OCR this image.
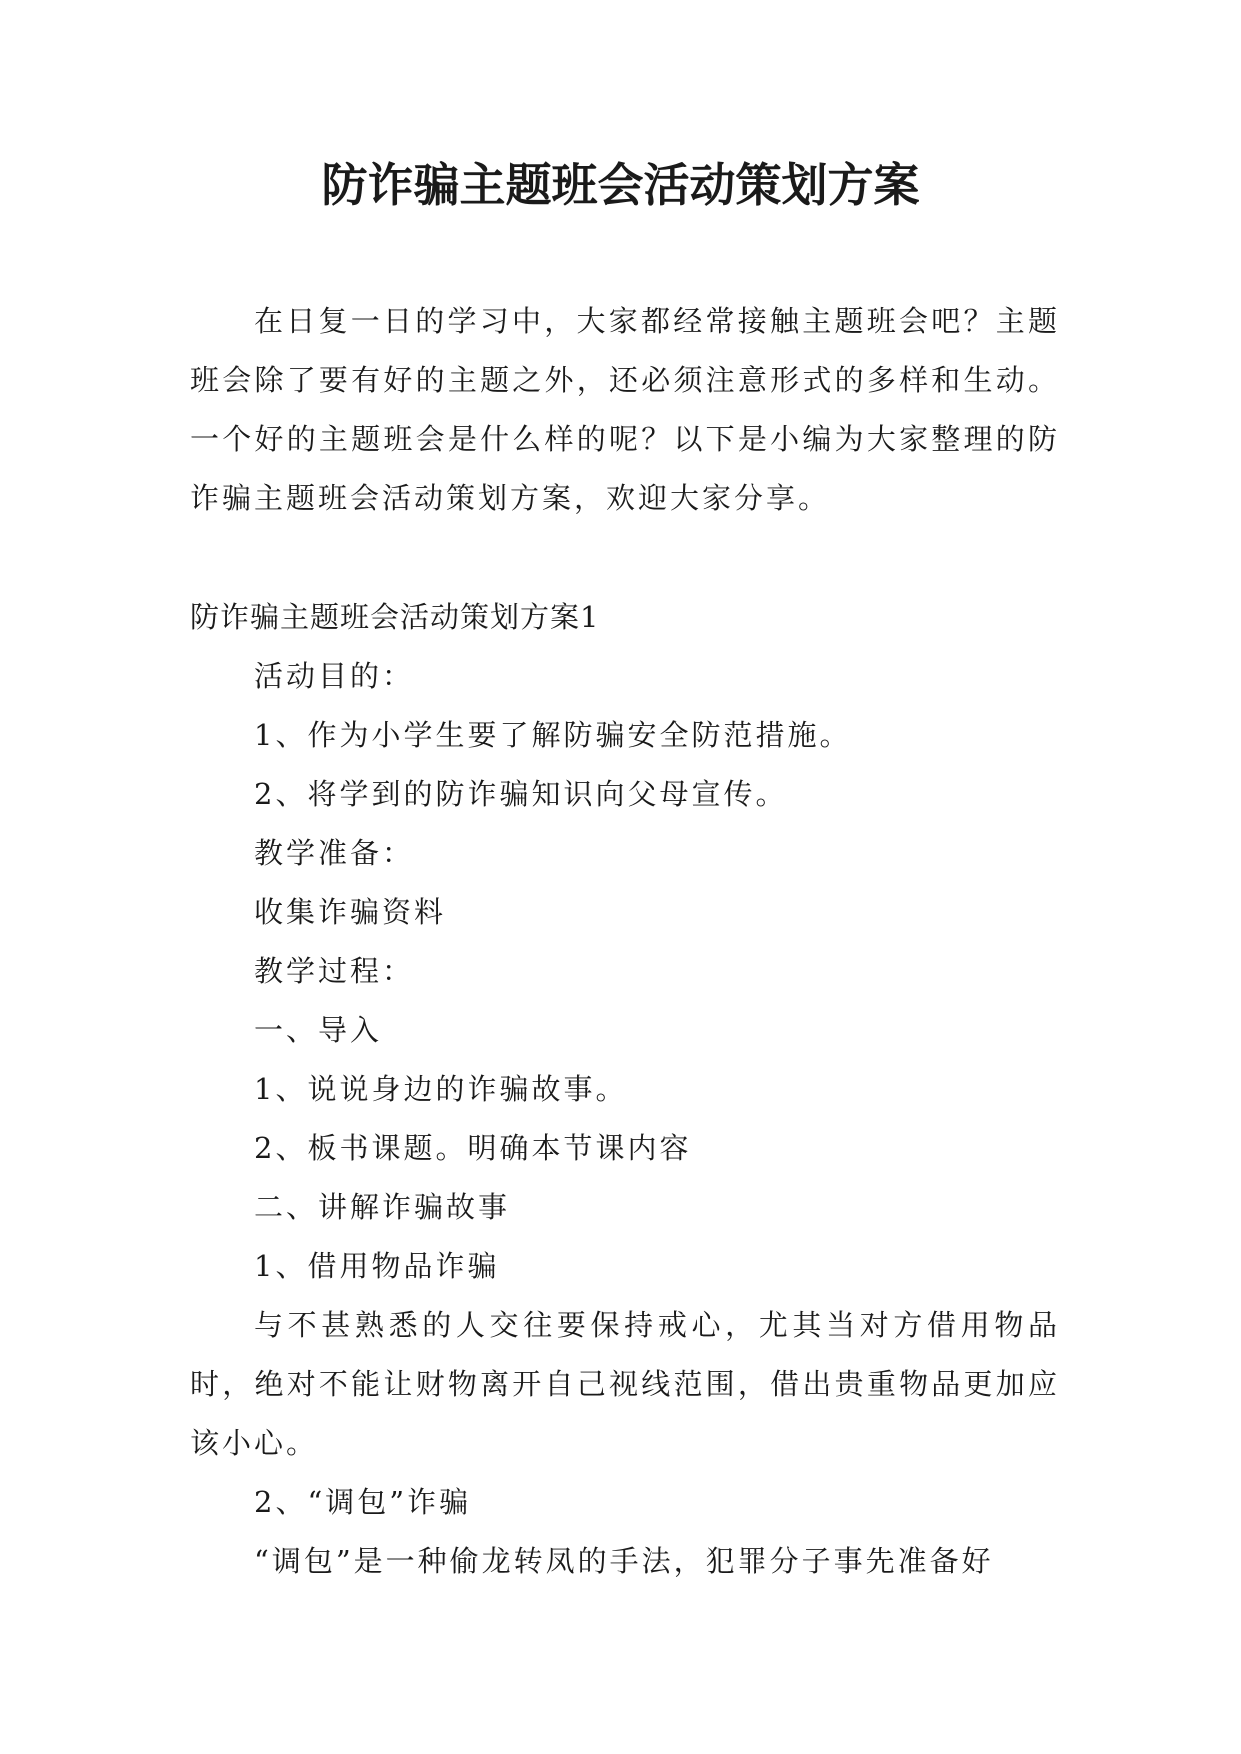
防诈骗主题班会活动策划方案

在日复一日的学习中，大家都经常接触主题班会吧？主题班会除了要有好的主题之外，还必须注意形式的多样和生动。一个好的主题班会是什么样的呢？以下是小编为大家整理的防诈骗主题班会活动策划方案，欢迎大家分享。

防诈骗主题班会活动策划方案1

活动目的：

1、作为小学生要了解防骗安全防范措施。

2、将学到的防诈骗知识向父母宣传。

教学准备：

收集诈骗资料

教学过程：

一、导入

1、说说身边的诈骗故事。

2、板书课题。明确本节课内容

二、讲解诈骗故事

1、借用物品诈骗

与不甚熟悉的人交往要保持戒心，尤其当对方借用物品时，绝对不能让财物离开自己视线范围，借出贵重物品更加应该小心。

2、“调包”诈骗

“调包”是一种偷龙转凤的手法，犯罪分子事先准备好
